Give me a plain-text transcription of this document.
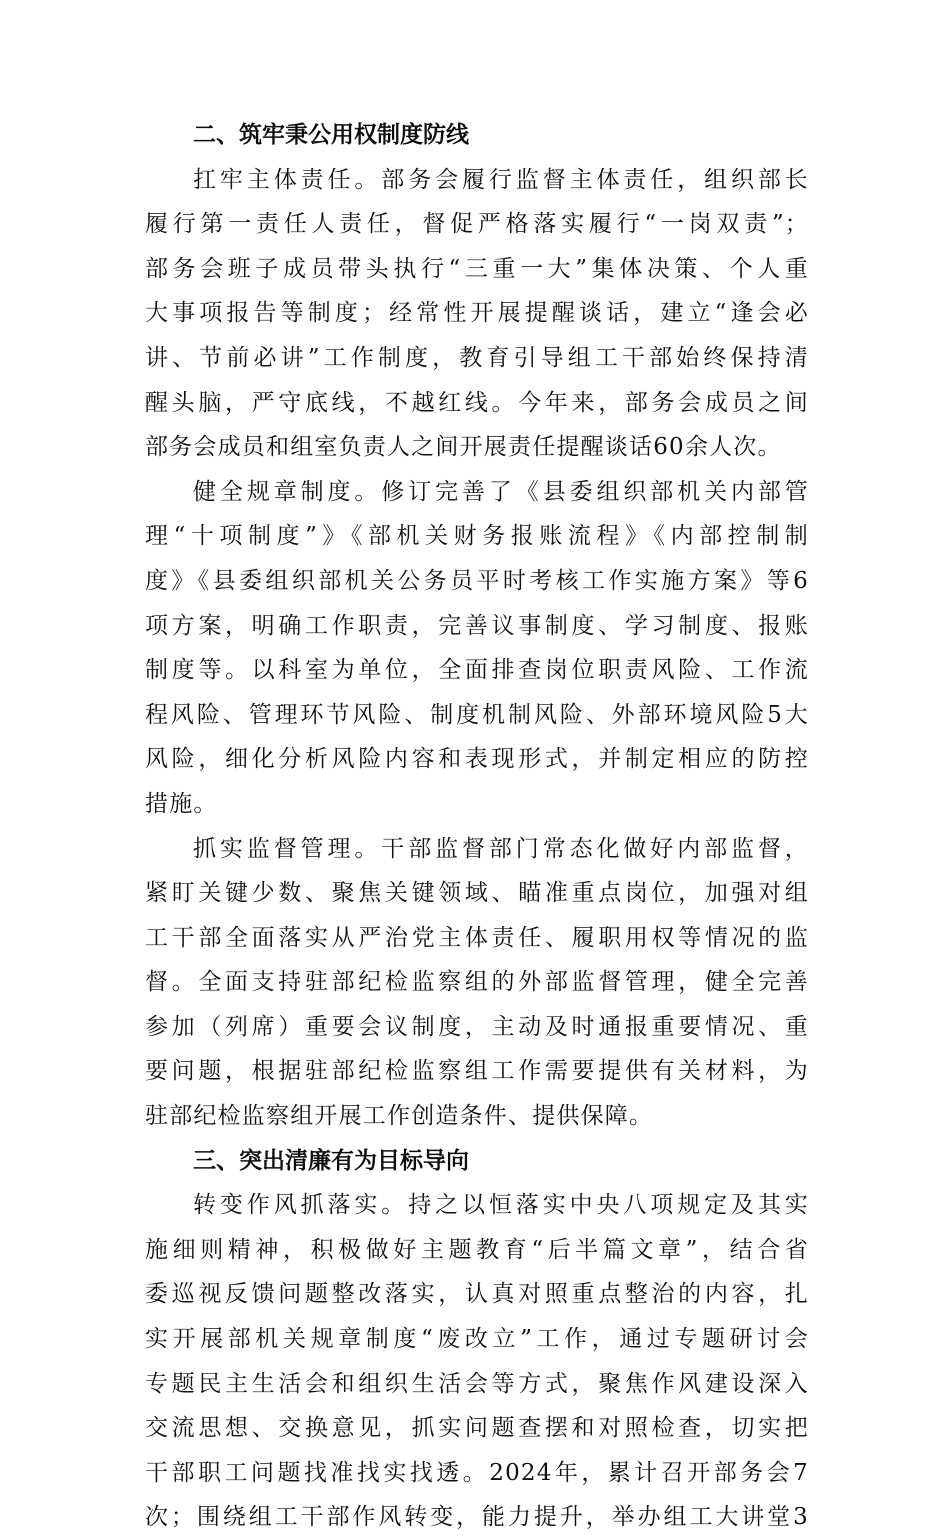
二、筑牢秉公用权制度防线
扛牢主体责任。部务会履行监督主体责任，组织部长
履行第一责任人责任，督促严格落实履行“一岗双责”；
部务会班子成员带头执行“三重一大”集体决策、个人重
大事项报告等制度；经常性开展提醒谈话，建立“逢会必
讲、节前必讲”工作制度，教育引导组工干部始终保持清
醒头脑，严守底线，不越红线。今年来，部务会成员之间
部务会成员和组室负责人之间开展责任提醒谈话60余人次。
健全规章制度。修订完善了《县委组织部机关内部管
理“十项制度”》《部机关财务报账流程》《内部控制制
度》《县委组织部机关公务员平时考核工作实施方案》等6
项方案，明确工作职责，完善议事制度、学习制度、报账
制度等。以科室为单位，全面排查岗位职责风险、工作流
程风险、管理环节风险、制度机制风险、外部环境风险5大
风险，细化分析风险内容和表现形式，并制定相应的防控
措施。
抓实监督管理。干部监督部门常态化做好内部监督，
紧盯关键少数、聚焦关键领域、瞄准重点岗位，加强对组
工干部全面落实从严治党主体责任、履职用权等情况的监
督。全面支持驻部纪检监察组的外部监督管理，健全完善
参加（列席）重要会议制度，主动及时通报重要情况、重
要问题，根据驻部纪检监察组工作需要提供有关材料，为
驻部纪检监察组开展工作创造条件、提供保障。
三、突出清廉有为目标导向
转变作风抓落实。持之以恒落实中央八项规定及其实
施细则精神，积极做好主题教育“后半篇文章”，结合省
委巡视反馈问题整改落实，认真对照重点整治的内容，扎
实开展部机关规章制度“废改立”工作，通过专题研讨会
专题民主生活会和组织生活会等方式，聚焦作风建设深入
交流思想、交换意见，抓实问题查摆和对照检查，切实把
干部职工问题找准找实找透。2024年，累计召开部务会7
次；围绕组工干部作风转变，能力提升，举办组工大讲堂3
